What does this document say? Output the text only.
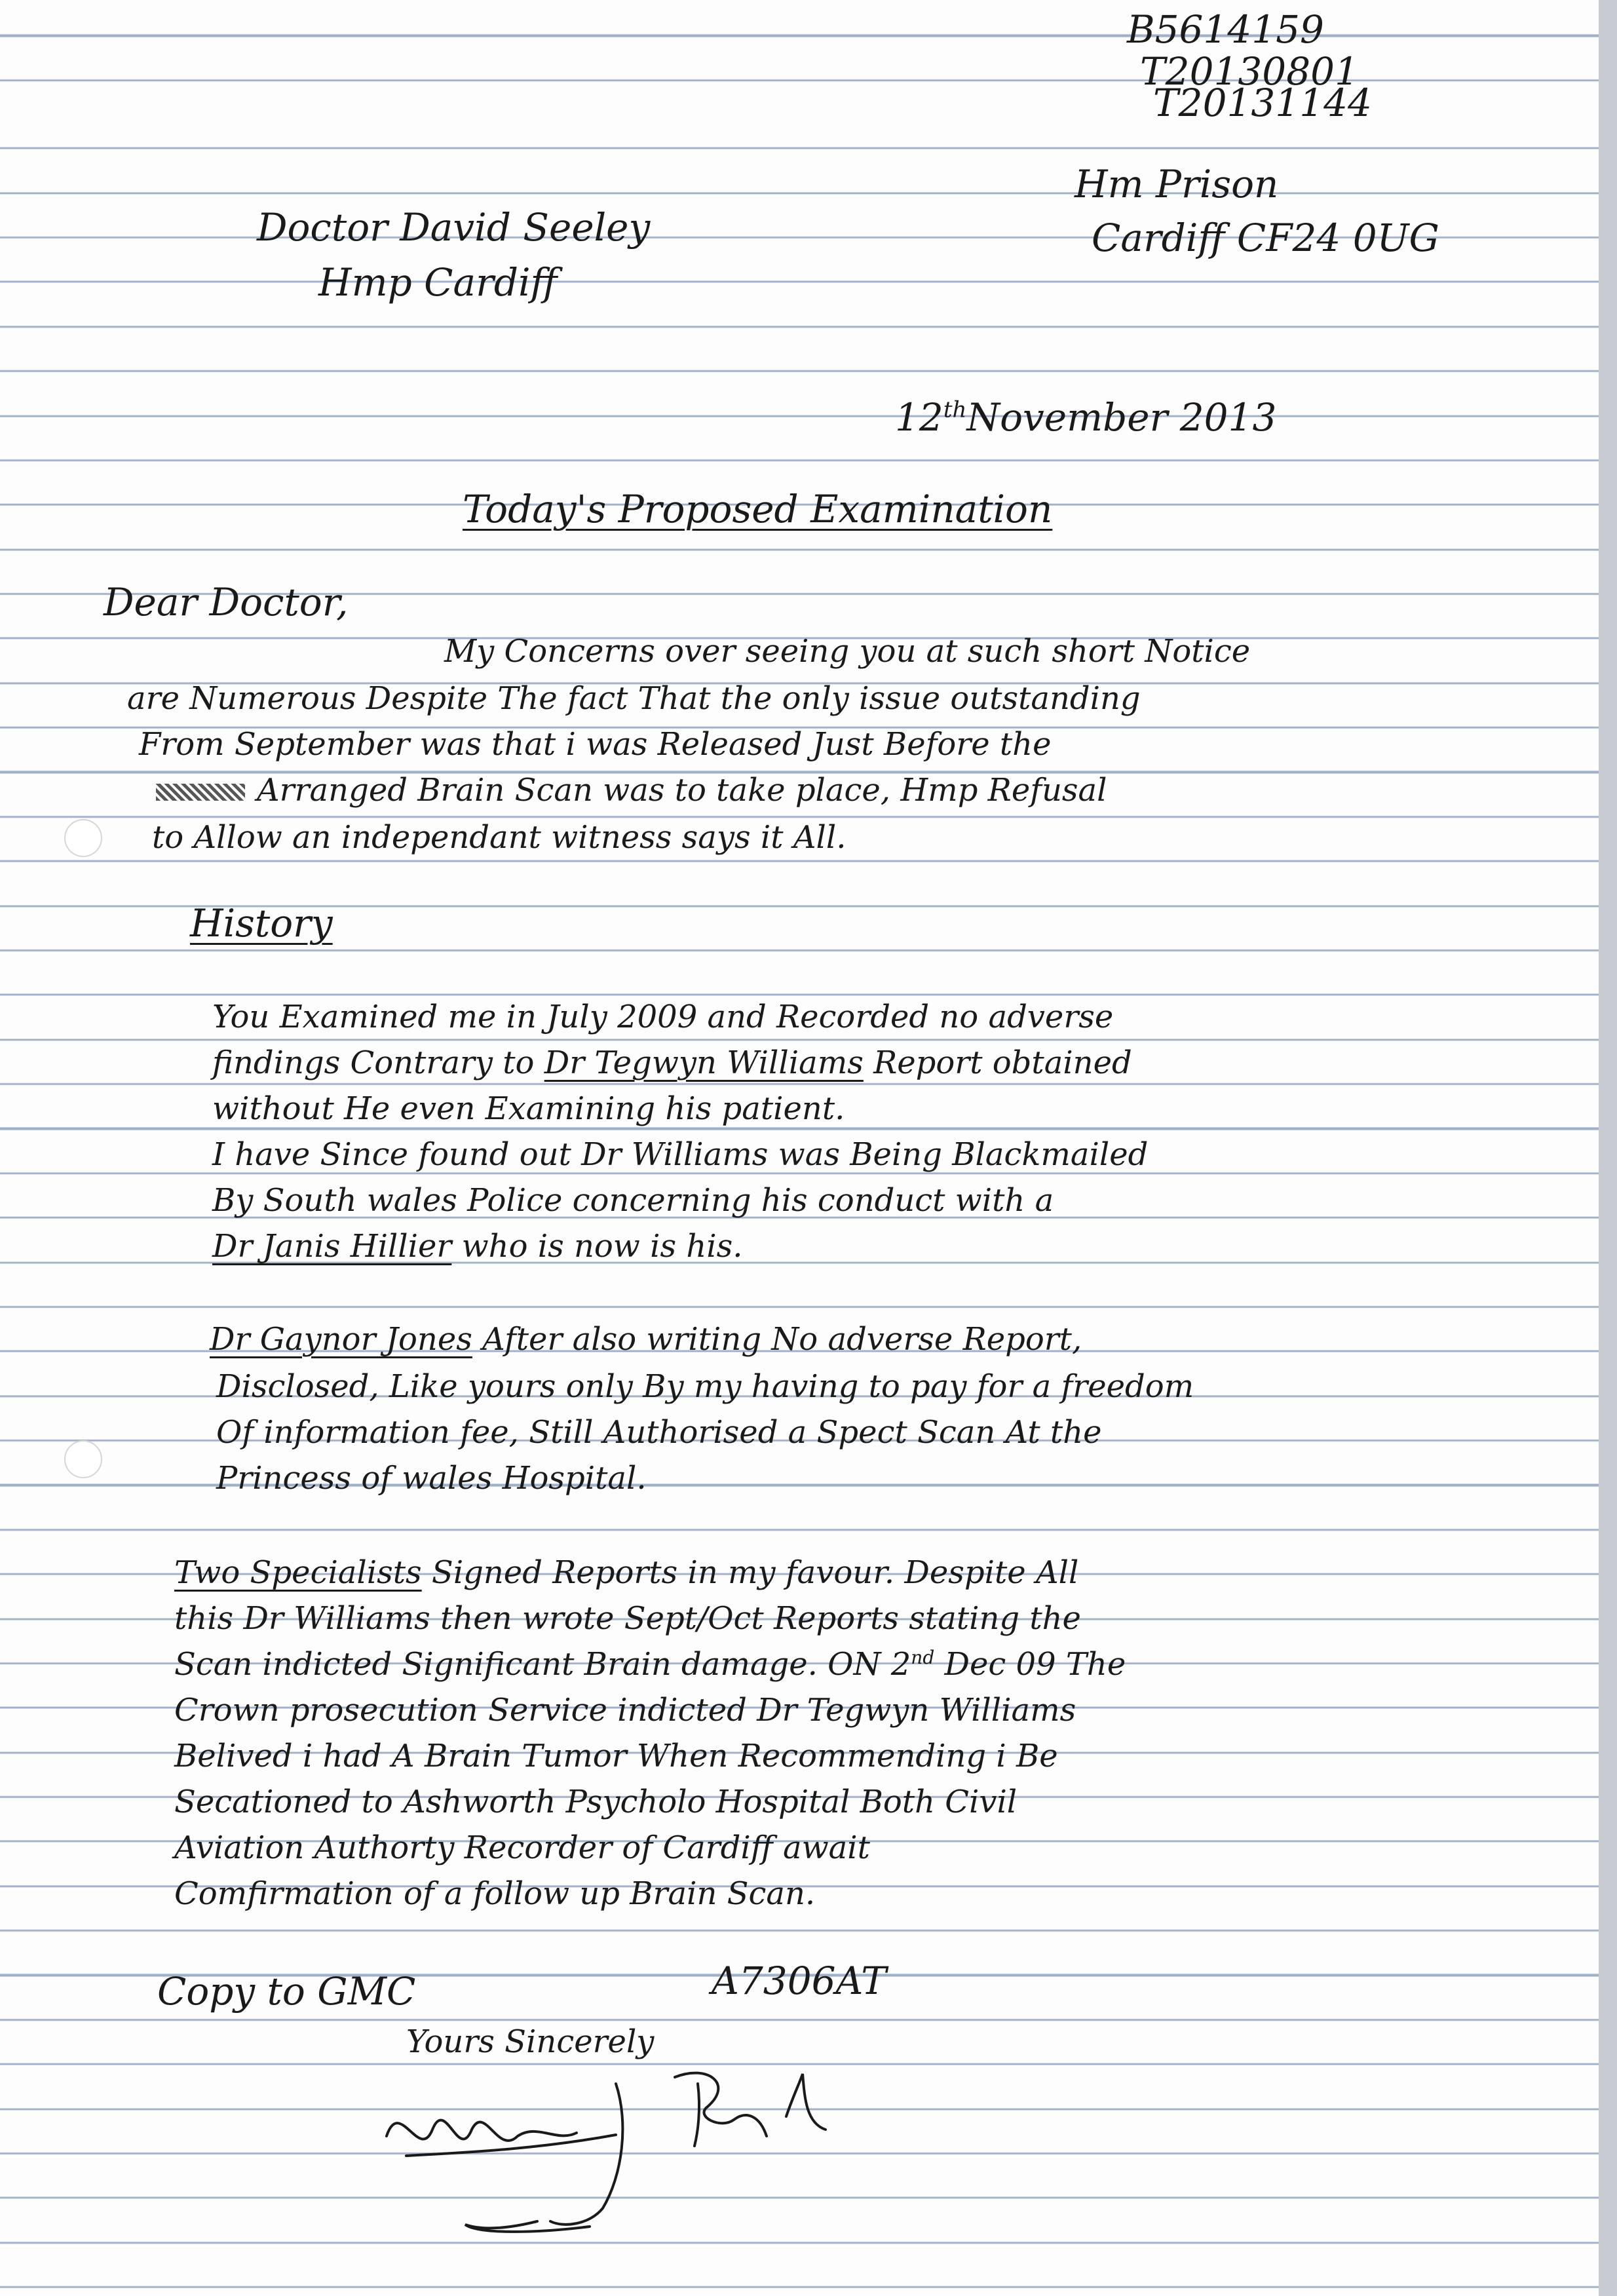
B5614159
T20130801
T20131144
Doctor David Seeley
Hmp Cardiff
Hm Prison
Cardiff CF24 0UG
12thNovember 2013
Today's Proposed Examination
Dear Doctor,
My Concerns over seeing you at such short Notice
are Numerous Despite The fact That the only issue outstanding
From September was that i was Released Just Before the
Arranged Brain Scan was to take place, Hmp Refusal
to Allow an independant witness says it All.
History
You Examined me in July 2009 and Recorded no adverse
findings Contrary to Dr Tegwyn Williams Report obtained
without He even Examining his patient.
I have Since found out Dr Williams was Being Blackmailed
By South wales Police concerning his conduct with a
Dr Janis Hillier who is now is his.
Dr Gaynor Jones After also writing No adverse Report,
Disclosed, Like yours only By my having to pay for a freedom
Of information fee, Still Authorised a Spect Scan At the
Princess of wales Hospital.
Two Specialists Signed Reports in my favour. Despite All
this Dr Williams then wrote Sept/Oct Reports stating the
Scan indicted Significant Brain damage. ON 2nd Dec 09 The
Crown prosecution Service indicted Dr Tegwyn Williams
Belived i had A Brain Tumor When Recommending i Be
Secationed to Ashworth Psycholo Hospital Both Civil
Aviation Authorty Recorder of Cardiff await
Comfirmation of a follow up Brain Scan.
Copy to GMC	A7306AT
Yours Sincerely
